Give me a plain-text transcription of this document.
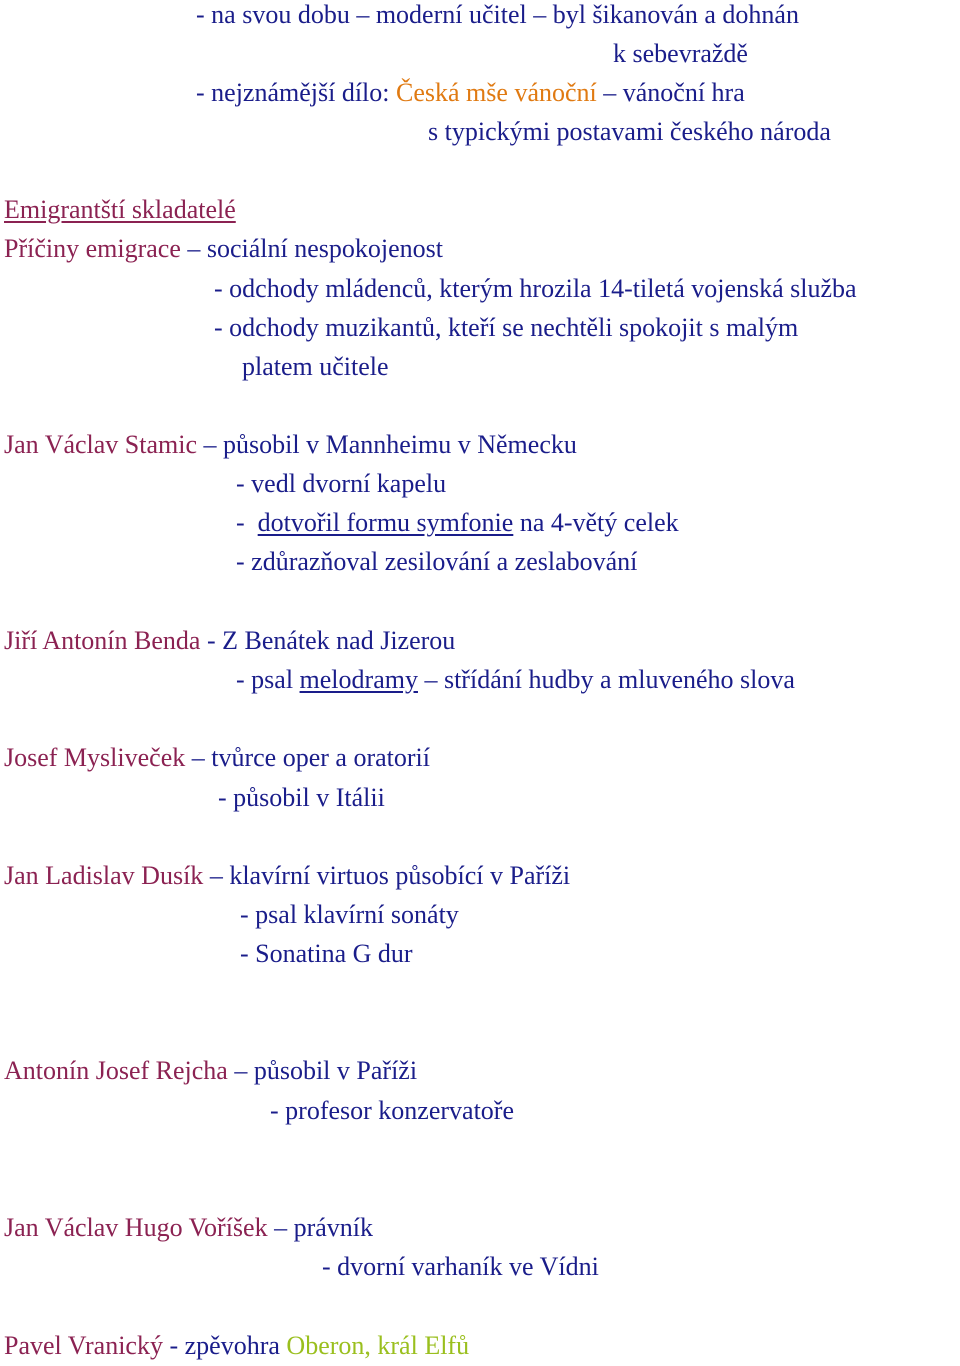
- na svou dobu – moderní učitel – byl šikanován a dohnán
k sebevraždě
- nejznámější dílo: Česká mše vánoční – vánoční hra
s typickými postavami českého národa
Emigrantští skladatelé
Příčiny emigrace – sociální nespokojenost
- odchody mládenců, kterým hrozila 14-tiletá vojenská služba
- odchody muzikantů, kteří se nechtěli spokojit s malým
platem učitele
Jan Václav Stamic – působil v Mannheimu v Německu
- vedl dvorní kapelu
- dotvořil formu symfonie na 4-větý celek
- zdůrazňoval zesilování a zeslabování
Jiří Antonín Benda - Z Benátek nad Jizerou
- psal melodramy – střídání hudby a mluveného slova
Josef Mysliveček – tvůrce oper a oratorií
- působil v Itálii
Jan Ladislav Dusík – klavírní virtuos působící v Paříži
- psal klavírní sonáty
- Sonatina G dur
Antonín Josef Rejcha – působil v Paříži
- profesor konzervatoře
Jan Václav Hugo Voříšek – právník
- dvorní varhaník ve Vídni
Pavel Vranický - zpěvohra Oberon, král Elfů
